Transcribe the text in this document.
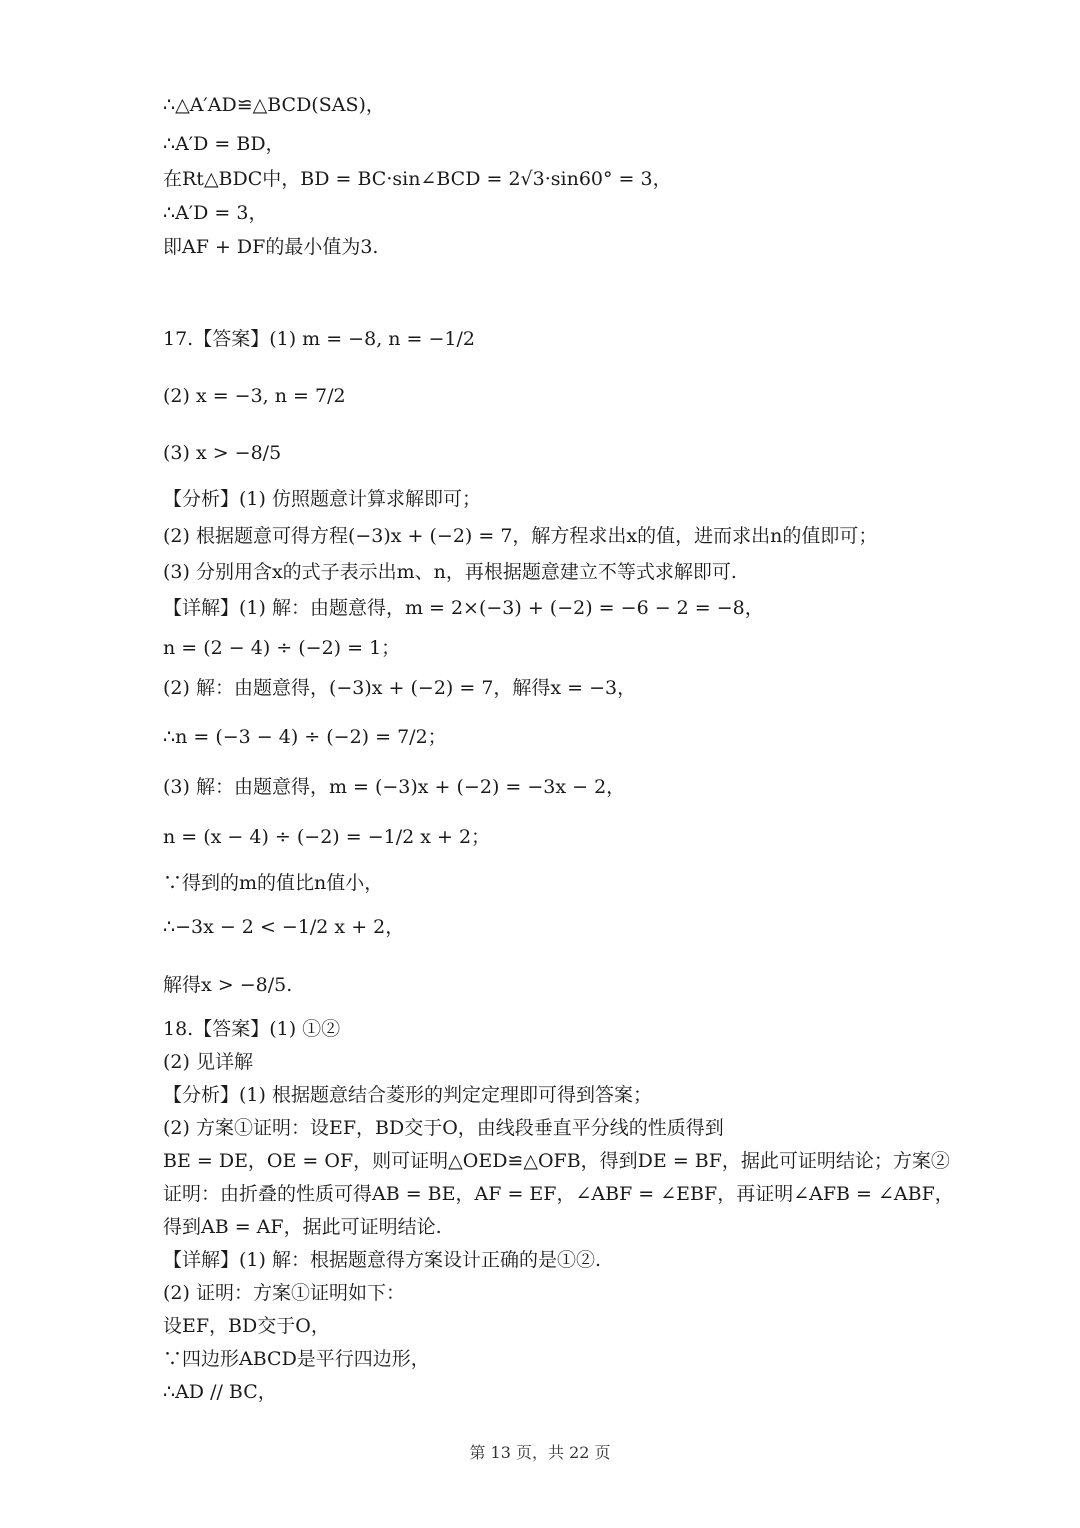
∴△A′AD≌△BCD(SAS)，
∴A′D = BD，
在Rt△BDC中，BD = BC·sin∠BCD = 2√3·sin60° = 3，
∴A′D = 3，
即AF + DF的最小值为3.
17.【答案】(1) m = −8, n = −1/2
(2) x = −3, n = 7/2
(3) x > −8/5
【分析】(1) 仿照题意计算求解即可；
(2) 根据题意可得方程(−3)x + (−2) = 7，解方程求出x的值，进而求出n的值即可；
(3) 分别用含x的式子表示出m、n，再根据题意建立不等式求解即可.
【详解】(1) 解：由题意得，m = 2×(−3) + (−2) = −6 − 2 = −8，
n = (2 − 4) ÷ (−2) = 1；
(2) 解：由题意得，(−3)x + (−2) = 7，解得x = −3，
∴n = (−3 − 4) ÷ (−2) = 7/2；
(3) 解：由题意得，m = (−3)x + (−2) = −3x − 2，
n = (x − 4) ÷ (−2) = −1/2 x + 2；
∵得到的m的值比n值小，
∴−3x − 2 < −1/2 x + 2，
解得x > −8/5.
18.【答案】(1) ①②
(2) 见详解
【分析】(1) 根据题意结合菱形的判定定理即可得到答案；
(2) 方案①证明：设EF，BD交于O，由线段垂直平分线的性质得到
BE = DE，OE = OF，则可证明△OED≌△OFB，得到DE = BF，据此可证明结论；方案②
证明：由折叠的性质可得AB = BE，AF = EF，∠ABF = ∠EBF，再证明∠AFB = ∠ABF，
得到AB = AF，据此可证明结论.
【详解】(1) 解：根据题意得方案设计正确的是①②.
(2) 证明：方案①证明如下：
设EF，BD交于O，
∵四边形ABCD是平行四边形，
∴AD // BC，
第 13 页，共 22 页
